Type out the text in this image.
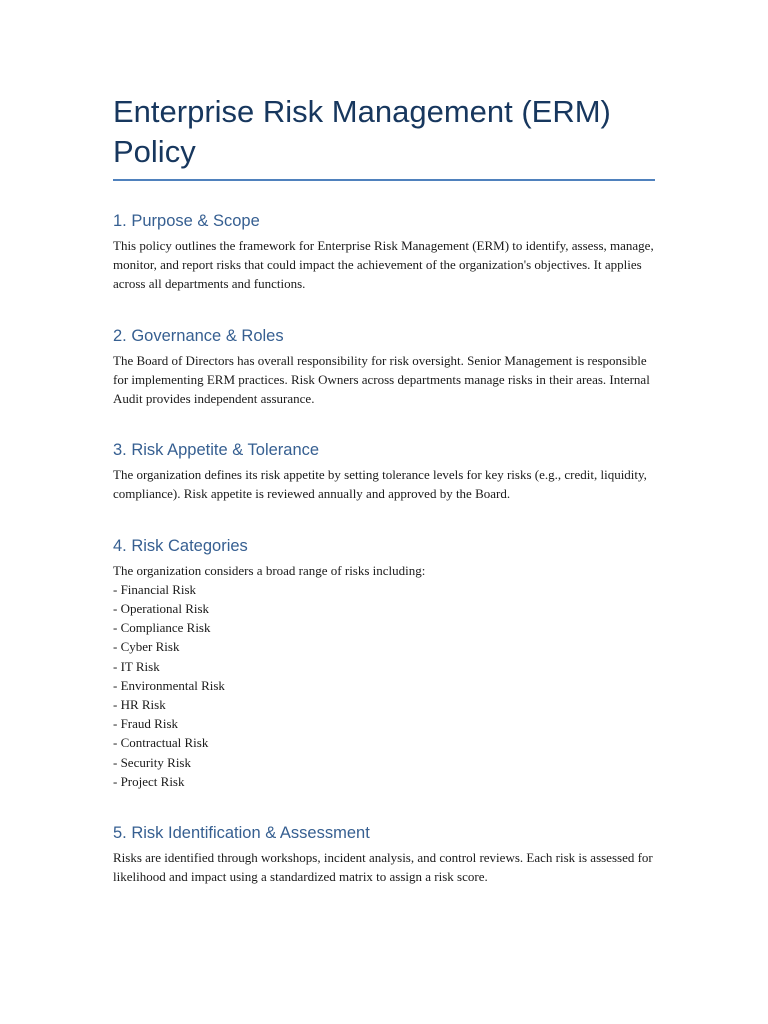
Enterprise Risk Management (ERM) Policy
1. Purpose & Scope

This policy outlines the framework for Enterprise Risk Management (ERM) to identify, assess, manage, monitor, and report risks that could impact the achievement of the organization's objectives. It applies across all departments and functions.

2. Governance & Roles

The Board of Directors has overall responsibility for risk oversight. Senior Management is responsible for implementing ERM practices. Risk Owners across departments manage risks in their areas. Internal Audit provides independent assurance.

3. Risk Appetite & Tolerance

The organization defines its risk appetite by setting tolerance levels for key risks (e.g., credit, liquidity, compliance). Risk appetite is reviewed annually and approved by the Board.

4. Risk Categories

The organization considers a broad range of risks including:

- Financial Risk
- Operational Risk
- Compliance Risk
- Cyber Risk
- IT Risk
- Environmental Risk
- HR Risk
- Fraud Risk
- Contractual Risk
- Security Risk
- Project Risk
5. Risk Identification & Assessment

Risks are identified through workshops, incident analysis, and control reviews. Each risk is assessed for likelihood and impact using a standardized matrix to assign a risk score.
